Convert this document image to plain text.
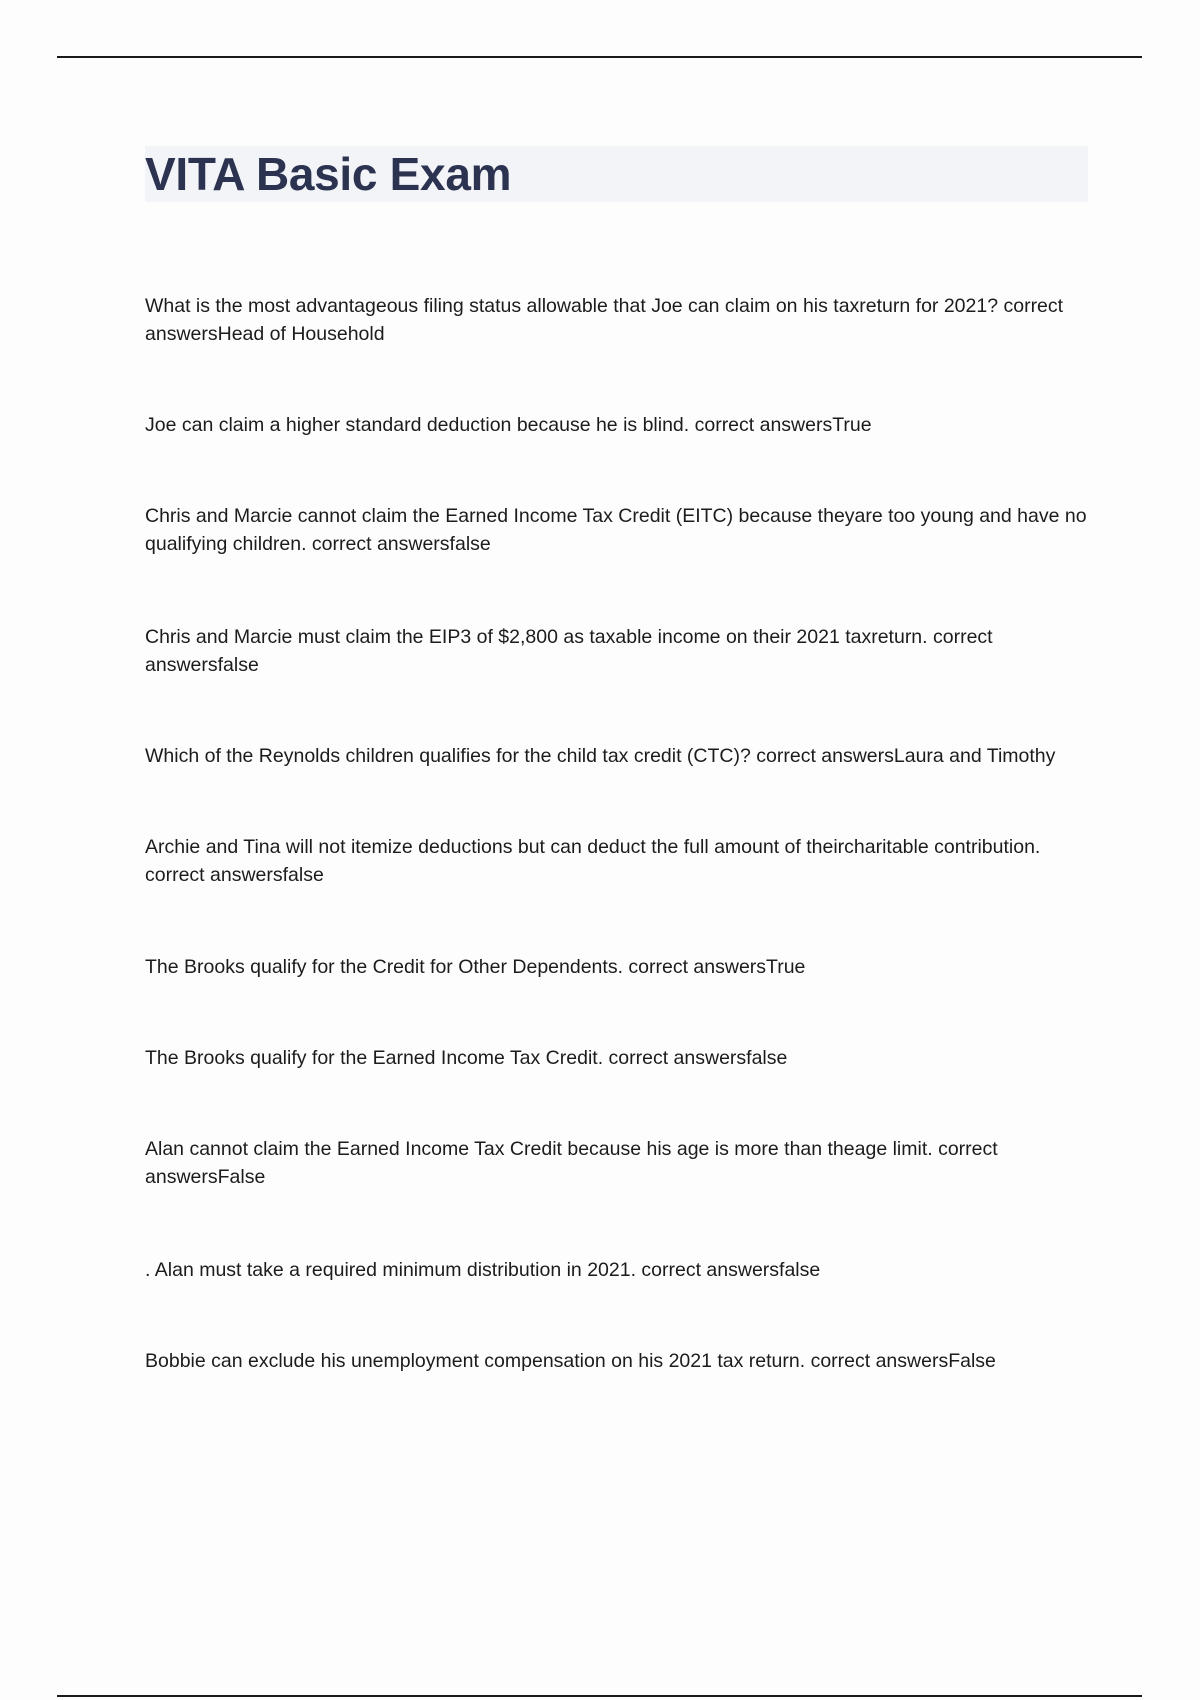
VITA Basic Exam

What is the most advantageous filing status allowable that Joe can claim on his taxreturn for 2021? correct answersHead of Household

Joe can claim a higher standard deduction because he is blind. correct answersTrue

Chris and Marcie cannot claim the Earned Income Tax Credit (EITC) because theyare too young and have no qualifying children. correct answersfalse

Chris and Marcie must claim the EIP3 of $2,800 as taxable income on their 2021 taxreturn. correct answersfalse

Which of the Reynolds children qualifies for the child tax credit (CTC)? correct answersLaura and Timothy

Archie and Tina will not itemize deductions but can deduct the full amount of theircharitable contribution. correct answersfalse

The Brooks qualify for the Credit for Other Dependents. correct answersTrue

The Brooks qualify for the Earned Income Tax Credit. correct answersfalse

Alan cannot claim the Earned Income Tax Credit because his age is more than theage limit. correct answersFalse

. Alan must take a required minimum distribution in 2021. correct answersfalse

Bobbie can exclude his unemployment compensation on his 2021 tax return. correct answersFalse
